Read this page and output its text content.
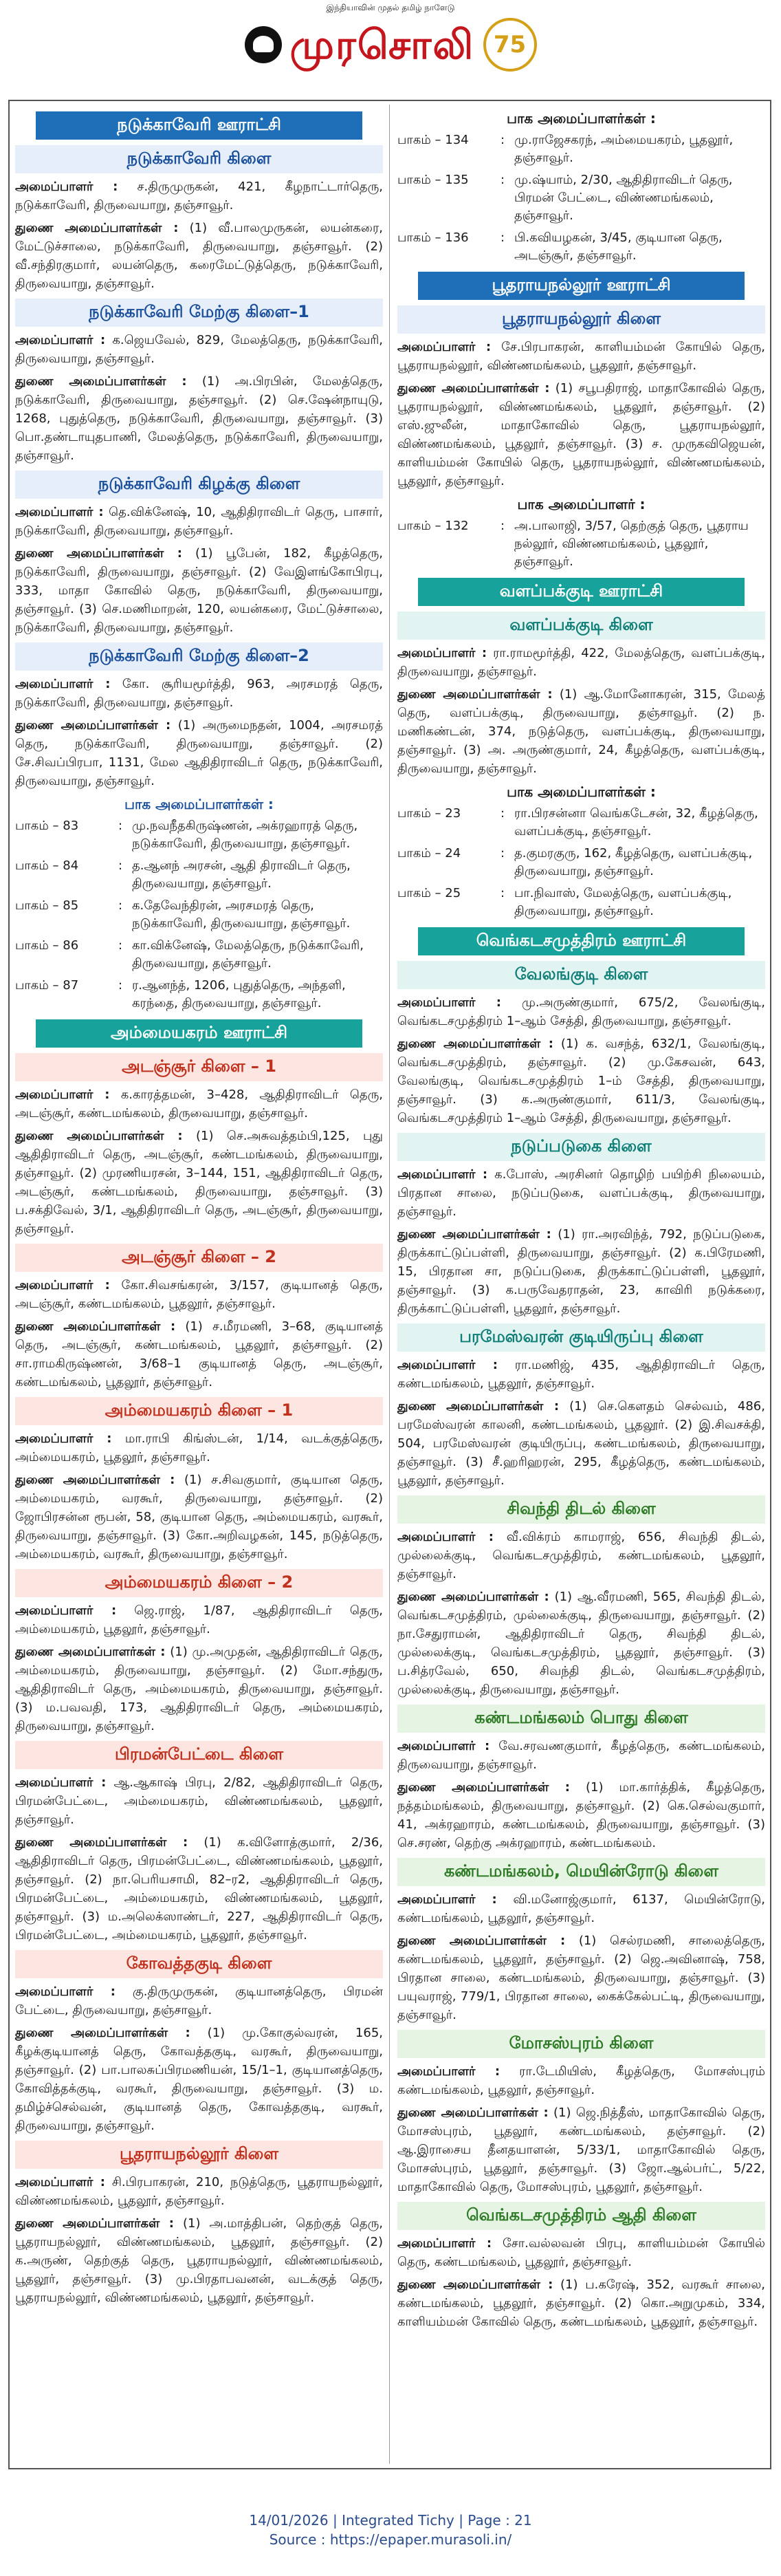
இந்தியாவின் முதல் தமிழ் நாளேடு
முரசொலி 75
நடுக்காவேரி ஊராட்சி
நடுக்காவேரி கிளை
அமைப்பாளர் : ச.திருமுருகன், 421, கீழநாட்டார்தெரு, நடுக்காவேரி, திருவையாறு, தஞ்சாவூர்.
துணை அமைப்பாளர்கள் : (1) வீ.பாலமுருகன், லயன்கரை, மேட்டுச்சாலை, நடுக்காவேரி, திருவையாறு, தஞ்சாவூர். (2) வீ.சந்திரகுமார், லயன்தெரு, கரைமேட்டுத்தெரு, நடுக்காவேரி, திருவையாறு, தஞ்சாவூர்.
நடுக்காவேரி மேற்கு கிளை–1
அமைப்பாளர் : க.ஜெயவேல், 829, மேலத்தெரு, நடுக்காவேரி, திருவையாறு, தஞ்சாவூர்.
துணை அமைப்பாளர்கள் : (1) அ.பிரபின், மேலத்தெரு, நடுக்காவேரி, திருவையாறு, தஞ்சாவூர். (2) செ.ஷேன்நாயுடு, 1268, புதுத்தெரு, நடுக்காவேரி, திருவையாறு, தஞ்சாவூர். (3) பொ.தண்டாயுதபாணி, மேலத்தெரு, நடுக்காவேரி, திருவையாறு, தஞ்சாவூர்.
நடுக்காவேரி கிழக்கு கிளை
அமைப்பாளர் : தெ.விக்னேஷ், 10, ஆதிதிராவிடர் தெரு, பாசார், நடுக்காவேரி, திருவையாறு, தஞ்சாவூர்.
துணை அமைப்பாளர்கள் : (1) பூபேன், 182, கீழத்தெரு, நடுக்காவேரி, திருவையாறு, தஞ்சாவூர். (2) வேஇளங்கோபிரபு, 333, மாதா கோவில் தெரு, நடுக்காவேரி, திருவையாறு, தஞ்சாவூர். (3) செ.மணிமாறன், 120, லயன்கரை, மேட்டுச்சாலை, நடுக்காவேரி, திருவையாறு, தஞ்சாவூர்.
நடுக்காவேரி மேற்கு கிளை–2
அமைப்பாளர் : கோ. சூரியமூர்த்தி, 963, அரசமரத் தெரு, நடுக்காவேரி, திருவையாறு, தஞ்சாவூர்.
துணை அமைப்பாளர்கள் : (1) அருமைநதன், 1004, அரசமரத் தெரு, நடுக்காவேரி, திருவையாறு, தஞ்சாவூர். (2) சே.சிவப்பிரபா, 1131, மேல ஆதிதிராவிடர் தெரு, நடுக்காவேரி, திருவையாறு, தஞ்சாவூர்.
பாக அமைப்பாளர்கள் :
பாகம் – 83	: மு.நவநீதகிருஷ்ணன், அக்ரஹாரத் தெரு, நடுக்காவேரி, திருவையாறு, தஞ்சாவூர்.
பாகம் – 84	: த.ஆனந் அரசன், ஆதி திராவிடர் தெரு, திருவையாறு, தஞ்சாவூர்.
பாகம் – 85	: க.தேவேந்திரன், அரசமரத் தெரு, நடுக்காவேரி, திருவையாறு, தஞ்சாவூர்.
பாகம் – 86	: கா.விக்னேஷ், மேலத்தெரு, நடுக்காவேரி, திருவையாறு, தஞ்சாவூர்.
பாகம் – 87	: ர.ஆனந்த், 1206, புதுத்தெரு, அந்தளி, கரந்தை, திருவையாறு, தஞ்சாவூர்.
அம்மையகரம் ஊராட்சி
அடஞ்சூர் கிளை – 1
அமைப்பாளர் : க.காரத்தமன், 3–428, ஆதிதிராவிடர் தெரு, அடஞ்சூர், கண்டமங்கலம், திருவையாறு, தஞ்சாவூர்.
துணை அமைப்பாளர்கள் : (1) செ.அசுவத்தம்பி,125, புது ஆதிதிராவிடர் தெரு, அடஞ்சூர், கண்டமங்கலம், திருவையாறு, தஞ்சாவூர். (2) முரணியரசன், 3–144, 151, ஆதிதிராவிடர் தெரு, அடஞ்சூர், கண்டமங்கலம், திருவையாறு, தஞ்சாவூர். (3) ப.சக்திவேல், 3/1, ஆதிதிராவிடர் தெரு, அடஞ்சூர், திருவையாறு, தஞ்சாவூர்.
அடஞ்சூர் கிளை – 2
அமைப்பாளர் : கோ.சிவசங்கரன், 3/157, குடியானத் தெரு, அடஞ்சூர், கண்டமங்கலம், பூதலூர், தஞ்சாவூர்.
துணை அமைப்பாளர்கள் : (1) ச.மீரமணி, 3–68, குடியானத் தெரு, அடஞ்சூர், கண்டமங்கலம், பூதலூர், தஞ்சாவூர். (2) சா.ராமகிருஷ்ணன், 3/68–1 குடியானத் தெரு, அடஞ்சூர், கண்டமங்கலம், பூதலூர், தஞ்சாவூர்.
அம்மையகரம் கிளை – 1
அமைப்பாளர் : மா.ராபி கிங்ஸ்டன், 1/14, வடக்குத்தெரு, அம்மையகரம், பூதலூர், தஞ்சாவூர்.
துணை அமைப்பாளர்கள் : (1) ச.சிவகுமார், குடியான தெரு, அம்மையகரம், வரகூர், திருவையாறு, தஞ்சாவூர். (2) ஜோபிரசன்ன ரூபன், 58, குடியான தெரு, அம்மையகரம், வரகூர், திருவையாறு, தஞ்சாவூர். (3) கோ.அறிவழகன், 145, நடுத்தெரு, அம்மையகரம், வரகூர், திருவையாறு, தஞ்சாவூர்.
அம்மையகரம் கிளை – 2
அமைப்பாளர் : ஜெ.ராஜ், 1/87, ஆதிதிராவிடர் தெரு, அம்மையகரம், பூதலூர், தஞ்சாவூர்.
துணை அமைப்பாளர்கள் : (1) மு.அமுதன், ஆதிதிராவிடர் தெரு, அம்மையகரம், திருவையாறு, தஞ்சாவூர். (2) மோ.சந்துரு, ஆதிதிராவிடர் தெரு, அம்மையகரம், திருவையாறு, தஞ்சாவூர். (3) ம.பவவதி, 173, ஆதிதிராவிடர் தெரு, அம்மையகரம், திருவையாறு, தஞ்சாவூர்.
பிரமன்பேட்டை கிளை
அமைப்பாளர் : ஆ.ஆகாஷ் பிரபு, 2/82, ஆதிதிராவிடர் தெரு, பிரமன்பேட்டை, அம்மையகரம், விண்ணமங்கலம், பூதலூர், தஞ்சாவூர்.
துணை அமைப்பாளர்கள் : (1) க.விளோத்குமார், 2/36, ஆதிதிராவிடர் தெரு, பிரமன்பேட்டை, விண்ணமங்கலம், பூதலூர், தஞ்சாவூர். (2) நா.பெரியசாமி, 82–ர2, ஆதிதிராவிடர் தெரு, பிரமன்பேட்டை, அம்மையகரம், விண்ணமங்கலம், பூதலூர், தஞ்சாவூர். (3) ம.அலெக்ஸாண்டர், 227, ஆதிதிராவிடர் தெரு, பிரமன்பேட்டை, அம்மையகரம், பூதலூர், தஞ்சாவூர்.
கோவத்தகுடி கிளை
அமைப்பாளர் : கு.திருமுருகன், குடியானத்தெரு, பிரமன் பேட்டை, திருவையாறு, தஞ்சாவூர்.
துணை அமைப்பாளர்கள் : (1) மு.கோகுல்வரன், 165, கீழக்குடியானத் தெரு, கோவத்தகுடி, வரகூர், திருவையாறு, தஞ்சாவூர். (2) பா.பாலசுப்பிரமணியன், 15/1–1, குடியானத்தெரு, கோவித்தக்குடி, வரகூர், திருவையாறு, தஞ்சாவூர். (3) ம. தமிழ்ச்செல்வன், குடியானத் தெரு, கோவத்தகுடி, வரகூர், திருவையாறு, தஞ்சாவூர்.
பூதராயநல்லூர் கிளை
அமைப்பாளர் : சி.பிரபாகரன், 210, நடுத்தெரு, பூதராயநல்லூர், விண்ணமங்கலம், பூதலூர், தஞ்சாவூர்.
துணை அமைப்பாளர்கள் : (1) அ.மாத்திபன், தெற்குத் தெரு, பூதராயநல்லூர், விண்ணமங்கலம், பூதலூர், தஞ்சாவூர். (2) க.அருண், தெற்குத் தெரு, பூதராயநல்லூர், விண்ணமங்கலம், பூதலூர், தஞ்சாவூர். (3) மு.பிரதாபவனன், வடக்குத் தெரு, பூதராயநல்லூர், விண்ணமங்கலம், பூதலூர், தஞ்சாவூர்.
பாக அமைப்பாளர்கள் :
பாகம் – 134	: மு.ராஜேசகரந், அம்மையகரம், பூதலூர், தஞ்சாவூர்.
பாகம் – 135	: மு.ஷ்யாம், 2/30, ஆதிதிராவிடர் தெரு, பிரமன் பேட்டை, விண்ணமங்கலம், தஞ்சாவூர்.
பாகம் – 136	: பி.கவியழகன், 3/45, குடியான தெரு, அடஞ்சூர், தஞ்சாவூர்.
பூதராயநல்லூர் ஊராட்சி
பூதராயநல்லூர் கிளை
அமைப்பாளர் : சே.பிரபாகரன், காளியம்மன் கோயில் தெரு, பூதராயநல்லூர், விண்ணமங்கலம், பூதலூர், தஞ்சாவூர்.
துணை அமைப்பாளர்கள் : (1) சபூபதிராஜ், மாதாகோவில் தெரு, பூதராயநல்லூர், விண்ணமங்கலம், பூதலூர், தஞ்சாவூர். (2) எஸ்.ஜுலீன், மாதாகோவில் தெரு, பூதராயநல்லூர், விண்ணமங்கலம், பூதலூர், தஞ்சாவூர். (3) ச. முருகவிஜெயன், காளியம்மன் கோயில் தெரு, பூதராயநல்லூர், விண்ணமங்கலம், பூதலூர், தஞ்சாவூர்.
பாக அமைப்பாளர் :
பாகம் – 132	: அ.பாலாஜி, 3/57, தெற்குத் தெரு, பூதராய நல்லூர், விண்ணமங்கலம், பூதலூர், தஞ்சாவூர்.
வளப்பக்குடி ஊராட்சி
வளப்பக்குடி கிளை
அமைப்பாளர் : ரா.ராமமூர்த்தி, 422, மேலத்தெரு, வளப்பக்குடி, திருவையாறு, தஞ்சாவூர்.
துணை அமைப்பாளர்கள் : (1) ஆ.மோனோகரன், 315, மேலத் தெரு, வளப்பக்குடி, திருவையாறு, தஞ்சாவூர். (2) ந. மணிகண்டன், 374, நடுத்தெரு, வளப்பக்குடி, திருவையாறு, தஞ்சாவூர். (3) அ. அருண்குமார், 24, கீழத்தெரு, வளப்பக்குடி, திருவையாறு, தஞ்சாவூர்.
பாக அமைப்பாளர்கள் :
பாகம் – 23	: ரா.பிரசன்னா வெங்கடேசன், 32, கீழத்தெரு, வளப்பக்குடி, தஞ்சாவூர்.
பாகம் – 24	: த.குமரகுரு, 162, கீழத்தெரு, வளப்பக்குடி, திருவையாறு, தஞ்சாவூர்.
பாகம் – 25	: பா.நிவாஸ், மேலத்தெரு, வளப்பக்குடி, திருவையாறு, தஞ்சாவூர்.
வெங்கடசமுத்திரம் ஊராட்சி
வேலங்குடி கிளை
அமைப்பாளர் : மு.அருண்குமார், 675/2, வேலங்குடி, வெங்கடசமுத்திரம் 1–ஆம் சேத்தி, திருவையாறு, தஞ்சாவூர்.
துணை அமைப்பாளர்கள் : (1) க. வசந்த், 632/1, வேலங்குடி, வெங்கடசமுத்திரம், தஞ்சாவூர். (2) மு.கேசவன், 643, வேலங்குடி, வெங்கடசமுத்திரம் 1–ம் சேத்தி, திருவையாறு, தஞ்சாவூர். (3) க.அருண்குமார், 611/3, வேலங்குடி, வெங்கடசமுத்திரம் 1–ஆம் சேத்தி, திருவையாறு, தஞ்சாவூர்.
நடுப்படுகை கிளை
அமைப்பாளர் : க.போஸ், அரசினர் தொழிற் பயிற்சி நிலையம், பிரதான சாலை, நடுப்படுகை, வளப்பக்குடி, திருவையாறு, தஞ்சாவூர்.
துணை அமைப்பாளர்கள் : (1) ரா.அரவிந்த், 792, நடுப்படுகை, திருக்காட்டுப்பள்ளி, திருவையாறு, தஞ்சாவூர். (2) க.பிரேமணி, 15, பிரதான சா, நடுப்படுகை, திருக்காட்டுப்பள்ளி, பூதலூர், தஞ்சாவூர். (3) க.பருவேதராதன், 23, காவிரி நடுக்கரை, திருக்காட்டுப்பள்ளி, பூதலூர், தஞ்சாவூர்.
பரமேஸ்வரன் குடியிருப்பு கிளை
அமைப்பாளர் : ரா.மணிஜ், 435, ஆதிதிராவிடர் தெரு, கண்டமங்கலம், பூதலூர், தஞ்சாவூர்.
துணை அமைப்பாளர்கள் : (1) செ.கௌதம் செல்வம், 486, பரமேஸ்வரன் காலனி, கண்டமங்கலம், பூதலூர். (2) இ.சிவசக்தி, 504, பரமேஸ்வரன் குடியிருப்பு, கண்டமங்கலம், திருவையாறு, தஞ்சாவூர். (3) சீ.ஹரிஹரன், 295, கீழத்தெரு, கண்டமங்கலம், பூதலூர், தஞ்சாவூர்.
சிவந்தி திடல் கிளை
அமைப்பாளர் : வீ.விக்ரம் காமராஜ், 656, சிவந்தி திடல், முல்லைக்குடி, வெங்கடசமுத்திரம், கண்டமங்கலம், பூதலூர், தஞ்சாவூர்.
துணை அமைப்பாளர்கள் : (1) ஆ.வீரமணி, 565, சிவந்தி திடல், வெங்கடசமுத்திரம், முல்லைக்குடி, திருவையாறு, தஞ்சாவூர். (2) நா.சேதுராமன், ஆதிதிராவிடர் தெரு, சிவந்தி திடல், முல்லைக்குடி, வெங்கடசமுத்திரம், பூதலூர், தஞ்சாவூர். (3) ப.சித்ரவேல், 650, சிவந்தி திடல், வெங்கடசமுத்திரம், முல்லைக்குடி, திருவையாறு, தஞ்சாவூர்.
கண்டமங்கலம் பொது கிளை
அமைப்பாளர் : வே.சரவணகுமார், கீழத்தெரு, கண்டமங்கலம், திருவையாறு, தஞ்சாவூர்.
துணை அமைப்பாளர்கள் : (1) மா.கார்த்திக், கீழத்தெரு, நத்தம்மங்கலம், திருவையாறு, தஞ்சாவூர். (2) கெ.செல்வகுமார், 41, அக்ரஹாரம், கண்டமங்கலம், திருவையாறு, தஞ்சாவூர். (3) செ.சரண், தெற்கு அக்ரஹாரம், கண்டமங்கலம்.
கண்டமங்கலம், மெயின்ரோடு கிளை
அமைப்பாளர் : வி.மனோஜ்குமார், 6137, மெயின்ரோடு, கண்டமங்கலம், பூதலூர், தஞ்சாவூர்.
துணை அமைப்பாளர்கள் : (1) செல்ரமணி, சாலைத்தெரு, கண்டமங்கலம், பூதலூர், தஞ்சாவூர். (2) ஜெ.அவினாஷ், 758, பிரதான சாலை, கண்டமங்கலம், திருவையாறு, தஞ்சாவூர். (3) பயுவராஜ், 779/1, பிரதான சாலை, கைக்கேல்பட்டி, திருவையாறு, தஞ்சாவூர்.
மோசஸ்புரம் கிளை
அமைப்பாளர் : ரா.டேமியிஸ், கீழத்தெரு, மோசஸ்புரம் கண்டமங்கலம், பூதலூர், தஞ்சாவூர்.
துணை அமைப்பாளர்கள் : (1) ஜெ.நித்தீஸ், மாதாகோவில் தெரு, மோசஸ்புரம், பூதலூர், கண்டமங்கலம், தஞ்சாவூர். (2) ஆ.இராசைய தீனதயாளன், 5/33/1, மாதாகோவில் தெரு, மோசஸ்புரம், பூதலூர், தஞ்சாவூர். (3) ஜோ.ஆல்பர்ட், 5/22, மாதாகோவில் தெரு, மோசஸ்புரம், பூதலூர், தஞ்சாவூர்.
வெங்கடசமுத்திரம் ஆதி கிளை
அமைப்பாளர் : சோ.வல்லவன் பிரபு, காளியம்மன் கோயில் தெரு, கண்டமங்கலம், பூதலூர், தஞ்சாவூர்.
துணை அமைப்பாளர்கள் : (1) ப.கரேஷ், 352, வரகூர் சாலை, கண்டமங்கலம், பூதலூர், தஞ்சாவூர். (2) கொ.அறுமுகம், 334, காளியம்மன் கோவில் தெரு, கண்டமங்கலம், பூதலூர், தஞ்சாவூர்.
14/01/2026 | Integrated Tichy | Page : 21
Source : https://epaper.murasoli.in/
